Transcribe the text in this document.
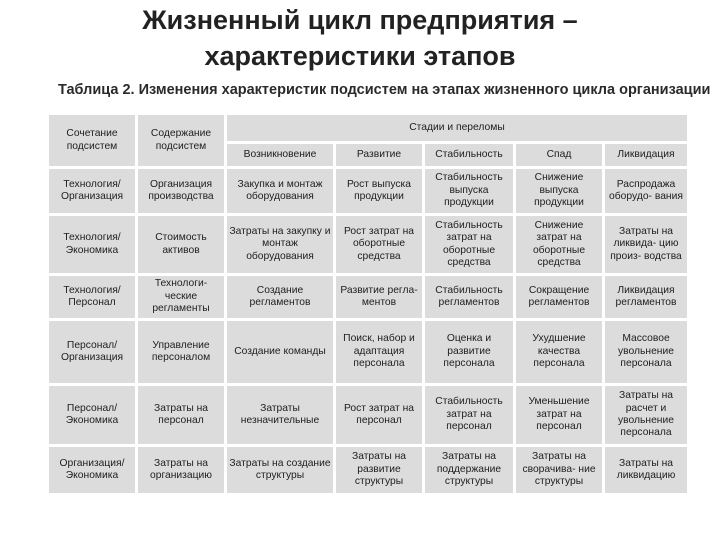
Жизненный цикл предприятия –
характеристики этапов
Таблица 2. Изменения характеристик подсистем на этапах жизненного цикла организации
Сочетание подсистем	Содержание подсистем	Стадии и переломы				
		Возникновение	Развитие	Стабильность	Спад	Ликвидация
Технология/ Организация	Организация производства	Закупка и монтаж оборудования	Рост выпуска продукции	Стабильность выпуска продукции	Снижение выпуска продукции	Распродажа оборудо- вания
Технология/ Экономика	Стоимость активов	Затраты на закупку и монтаж оборудования	Рост затрат на оборотные средства	Стабильность затрат на оборотные средства	Снижение затрат на оборотные средства	Затраты на ликвида- цию произ- водства
Технология/ Персонал	Технологи- ческие регламенты	Создание регламентов	Развитие регла- ментов	Стабильность регламентов	Сокращение регламентов	Ликвидация регламентов
Персонал/ Организация	Управление персоналом	Создание команды	Поиск, набор и адаптация персонала	Оценка и развитие персонала	Ухудшение качества персонала	Массовое увольнение персонала
Персонал/ Экономика	Затраты на персонал	Затраты незначительные	Рост затрат на персонал	Стабильность затрат на персонал	Уменьшение затрат на персонал	Затраты на расчет и увольнение персонала
Организация/ Экономика	Затраты на организацию	Затраты на создание структуры	Затраты на развитие структуры	Затраты на поддержание структуры	Затраты на сворачива- ние структуры	Затраты на ликвидацию
